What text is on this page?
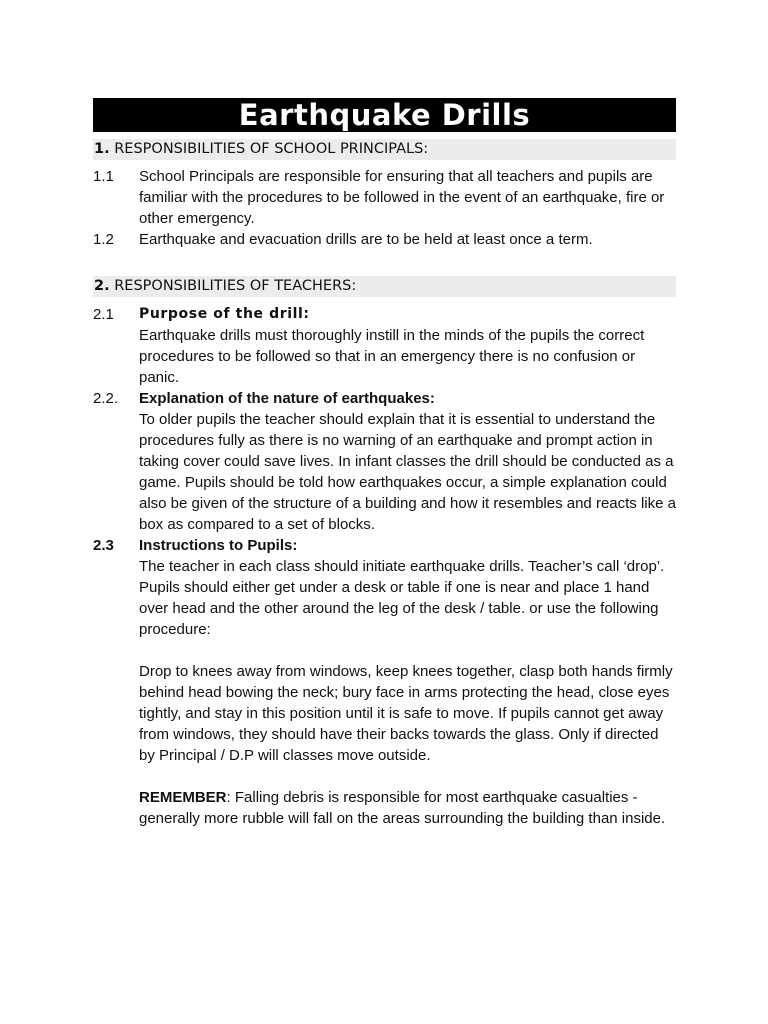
Earthquake Drills
1. RESPONSIBILITIES OF SCHOOL PRINCIPALS:
1.1 School Principals are responsible for ensuring that all teachers and pupils are familiar with the procedures to be followed in the event of an earthquake, fire or other emergency.

1.2 Earthquake and evacuation drills are to be held at least once a term.

2. RESPONSIBILITIES OF TEACHERS:
2.1 Purpose of the drill:

Earthquake drills must thoroughly instill in the minds of the pupils the correct procedures to be followed so that in an emergency there is no confusion or panic.

2.2. Explanation of the nature of earthquakes:

To older pupils the teacher should explain that it is essential to understand the procedures fully as there is no warning of an earthquake and prompt action in taking cover could save lives. In infant classes the drill should be conducted as a game. Pupils should be told how earthquakes occur, a simple explanation could also be given of the structure of a building and how it resembles and reacts like a box as compared to a set of blocks.

2.3 Instructions to Pupils:

The teacher in each class should initiate earthquake drills. Teacher’s call ‘drop’. Pupils should either get under a desk or table if one is near and place 1 hand over head and the other around the leg of the desk / table. or use the following procedure:

Drop to knees away from windows, keep knees together, clasp both hands firmly behind head bowing the neck; bury face in arms protecting the head, close eyes tightly, and stay in this position until it is safe to move. If pupils cannot get away from windows, they should have their backs towards the glass. Only if directed by Principal / D.P will classes move outside.

REMEMBER: Falling debris is responsible for most earthquake casualties -generally more rubble will fall on the areas surrounding the building than inside.
